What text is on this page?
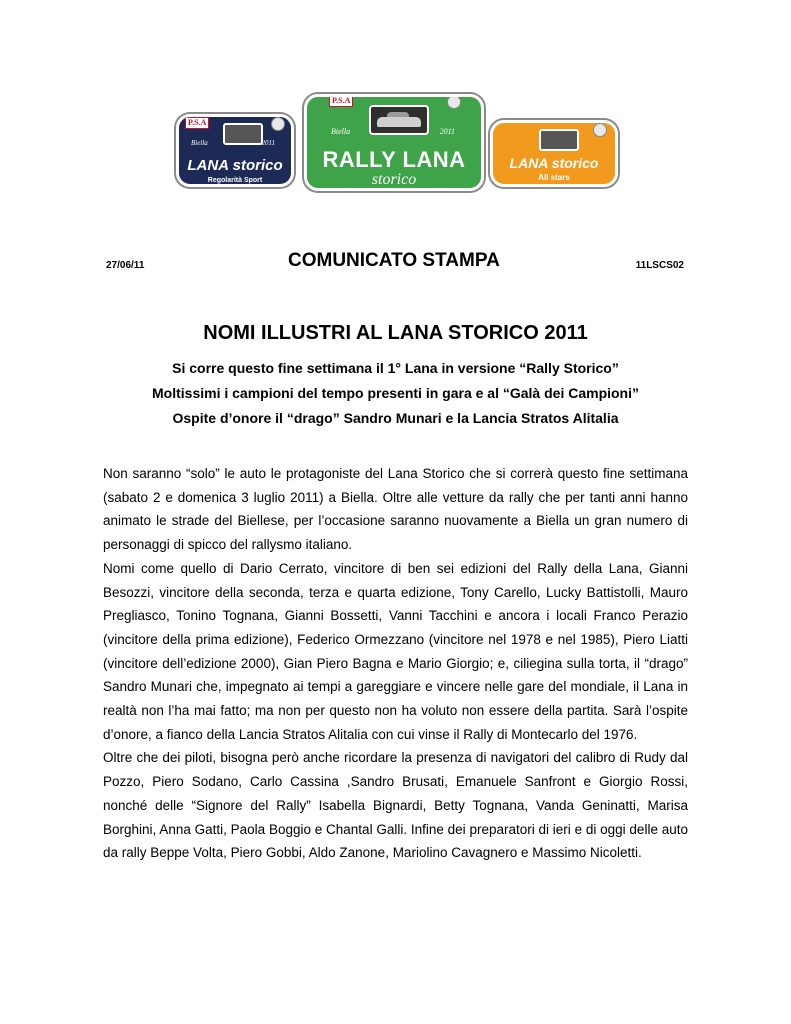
P.S.A
Biella	2011
LANA storico
Regolarità Sport
P.S.A
Biella	2011
RALLY LANA
storico
LANA storico
All stars
27/06/11	COMUNICATO STAMPA	11LSCS02
NOMI ILLUSTRI AL LANA STORICO 2011
Si corre questo fine settimana il 1° Lana in versione “Rally Storico”
Moltissimi i campioni del tempo presenti in gara e al “Galà dei Campioni”
Ospite d’onore il “drago” Sandro Munari e la Lancia Stratos Alitalia

Non saranno “solo” le auto le protagoniste del Lana Storico che si correrà questo fine settimana (sabato 2 e domenica 3 luglio 2011) a Biella. Oltre alle vetture da rally che per tanti anni hanno animato le strade del Biellese, per l’occasione saranno nuovamente a Biella un gran numero di personaggi di spicco del rallysmo italiano.

Nomi come quello di Dario Cerrato, vincitore di ben sei edizioni del Rally della Lana, Gianni Besozzi, vincitore della seconda, terza e quarta edizione, Tony Carello, Lucky Battistolli, Mauro Pregliasco, Tonino Tognana, Gianni Bossetti, Vanni Tacchini e ancora i locali Franco Perazio (vincitore della prima edizione), Federico Ormezzano (vincitore nel 1978 e nel 1985), Piero Liatti (vincitore dell’edizione 2000), Gian Piero Bagna e Mario Giorgio; e, ciliegina sulla torta, il “drago” Sandro Munari che, impegnato ai tempi a gareggiare e vincere nelle gare del mondiale, il Lana in realtà non l’ha mai fatto; ma non per questo non ha voluto non essere della partita. Sarà l’ospite d’onore, a fianco della Lancia Stratos Alitalia con cui vinse il Rally di Montecarlo del 1976.

Oltre che dei piloti, bisogna però anche ricordare la presenza di navigatori del calibro di Rudy dal Pozzo, Piero Sodano, Carlo Cassina ,Sandro Brusati, Emanuele Sanfront e Giorgio Rossi, nonché delle “Signore del Rally” Isabella Bignardi, Betty Tognana, Vanda Geninatti, Marisa Borghini, Anna Gatti, Paola Boggio e Chantal Galli. Infine dei preparatori di ieri e di oggi delle auto da rally Beppe Volta, Piero Gobbi, Aldo Zanone, Mariolino Cavagnero e Massimo Nicoletti.
